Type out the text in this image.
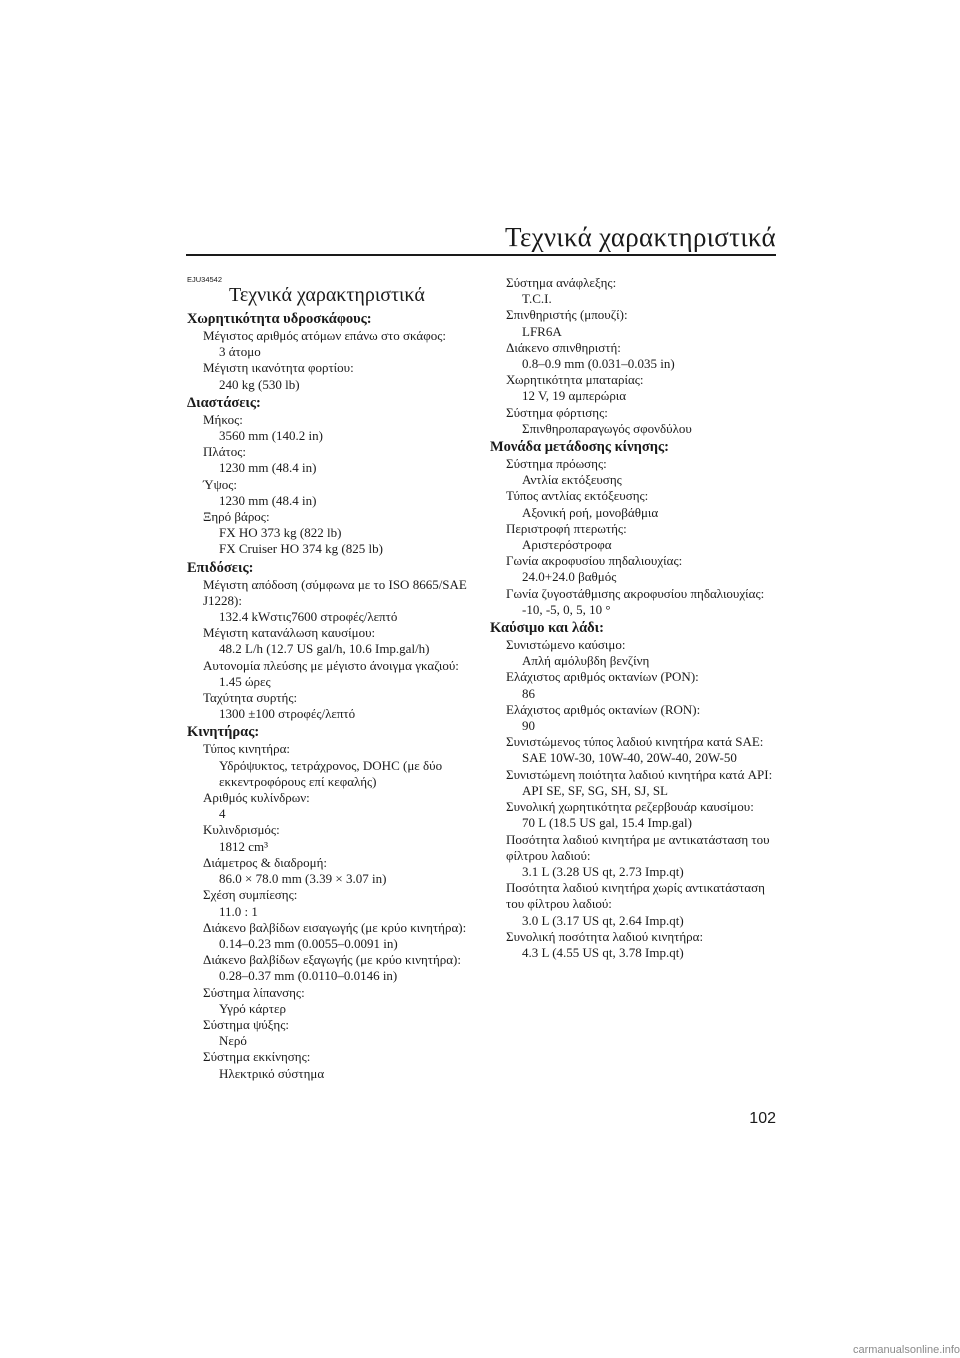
Τεχνικά χαρακτηριστικά
EJU34542
Τεχνικά χαρακτηριστικά
Χωρητικότητα υδροσκάφους:
Μέγιστος αριθμός ατόμων επάνω στο σκάφος:
3 άτομο
Μέγιστη ικανότητα φορτίου:
240 kg (530 lb)
Διαστάσεις:
Μήκος:
3560 mm (140.2 in)
Πλάτος:
1230 mm (48.4 in)
Ύψος:
1230 mm (48.4 in)
Ξηρό βάρος:
FX HO 373 kg (822 lb)
FX Cruiser HO 374 kg (825 lb)
Επιδόσεις:
Μέγιστη απόδοση (σύμφωνα με το ISO 8665/SAE
J1228):
132.4 kWστις7600 στροφές/λεπτό
Μέγιστη κατανάλωση καυσίμου:
48.2 L/h (12.7 US gal/h, 10.6 Imp.gal/h)
Αυτονομία πλεύσης με μέγιστο άνοιγμα γκαζιού:
1.45 ώρες
Ταχύτητα συρτής:
1300 ±100 στροφές/λεπτό
Κινητήρας:
Τύπος κινητήρα:
Υδρόψυκτος, τετράχρονος, DOHC (με δύο
εκκεντροφόρους επί κεφαλής)
Αριθμός κυλίνδρων:
4
Κυλινδρισμός:
1812 cm³
Διάμετρος & διαδρομή:
86.0 × 78.0 mm (3.39 × 3.07 in)
Σχέση συμπίεσης:
11.0 : 1
Διάκενο βαλβίδων εισαγωγής (με κρύο κινητήρα):
0.14–0.23 mm (0.0055–0.0091 in)
Διάκενο βαλβίδων εξαγωγής (με κρύο κινητήρα):
0.28–0.37 mm (0.0110–0.0146 in)
Σύστημα λίπανσης:
Υγρό κάρτερ
Σύστημα ψύξης:
Νερό
Σύστημα εκκίνησης:
Ηλεκτρικό σύστημα
Σύστημα ανάφλεξης:
T.C.I.
Σπινθηριστής (μπουζί):
LFR6A
Διάκενο σπινθηριστή:
0.8–0.9 mm (0.031–0.035 in)
Χωρητικότητα μπαταρίας:
12 V, 19 αμπερώρια
Σύστημα φόρτισης:
Σπινθηροπαραγωγός σφονδύλου
Μονάδα μετάδοσης κίνησης:
Σύστημα πρόωσης:
Αντλία εκτόξευσης
Τύπος αντλίας εκτόξευσης:
Αξονική ροή, μονοβάθμια
Περιστροφή πτερωτής:
Αριστερόστροφα
Γωνία ακροφυσίου πηδαλιουχίας:
24.0+24.0 βαθμός
Γωνία ζυγοστάθμισης ακροφυσίου πηδαλιουχίας:
-10, -5, 0, 5, 10 °
Καύσιμο και λάδι:
Συνιστώμενο καύσιμο:
Απλή αμόλυβδη βενζίνη
Ελάχιστος αριθμός οκτανίων (PON):
86
Ελάχιστος αριθμός οκτανίων (RON):
90
Συνιστώμενος τύπος λαδιού κινητήρα κατά SAE:
SAE 10W-30, 10W-40, 20W-40, 20W-50
Συνιστώμενη ποιότητα λαδιού κινητήρα κατά API:
API SE, SF, SG, SH, SJ, SL
Συνολική χωρητικότητα ρεζερβουάρ καυσίμου:
70 L (18.5 US gal, 15.4 Imp.gal)
Ποσότητα λαδιού κινητήρα με αντικατάσταση του
φίλτρου λαδιού:
3.1 L (3.28 US qt, 2.73 Imp.qt)
Ποσότητα λαδιού κινητήρα χωρίς αντικατάσταση
του φίλτρου λαδιού:
3.0 L (3.17 US qt, 2.64 Imp.qt)
Συνολική ποσότητα λαδιού κινητήρα:
4.3 L (4.55 US qt, 3.78 Imp.qt)
102
carmanualsonline.info
